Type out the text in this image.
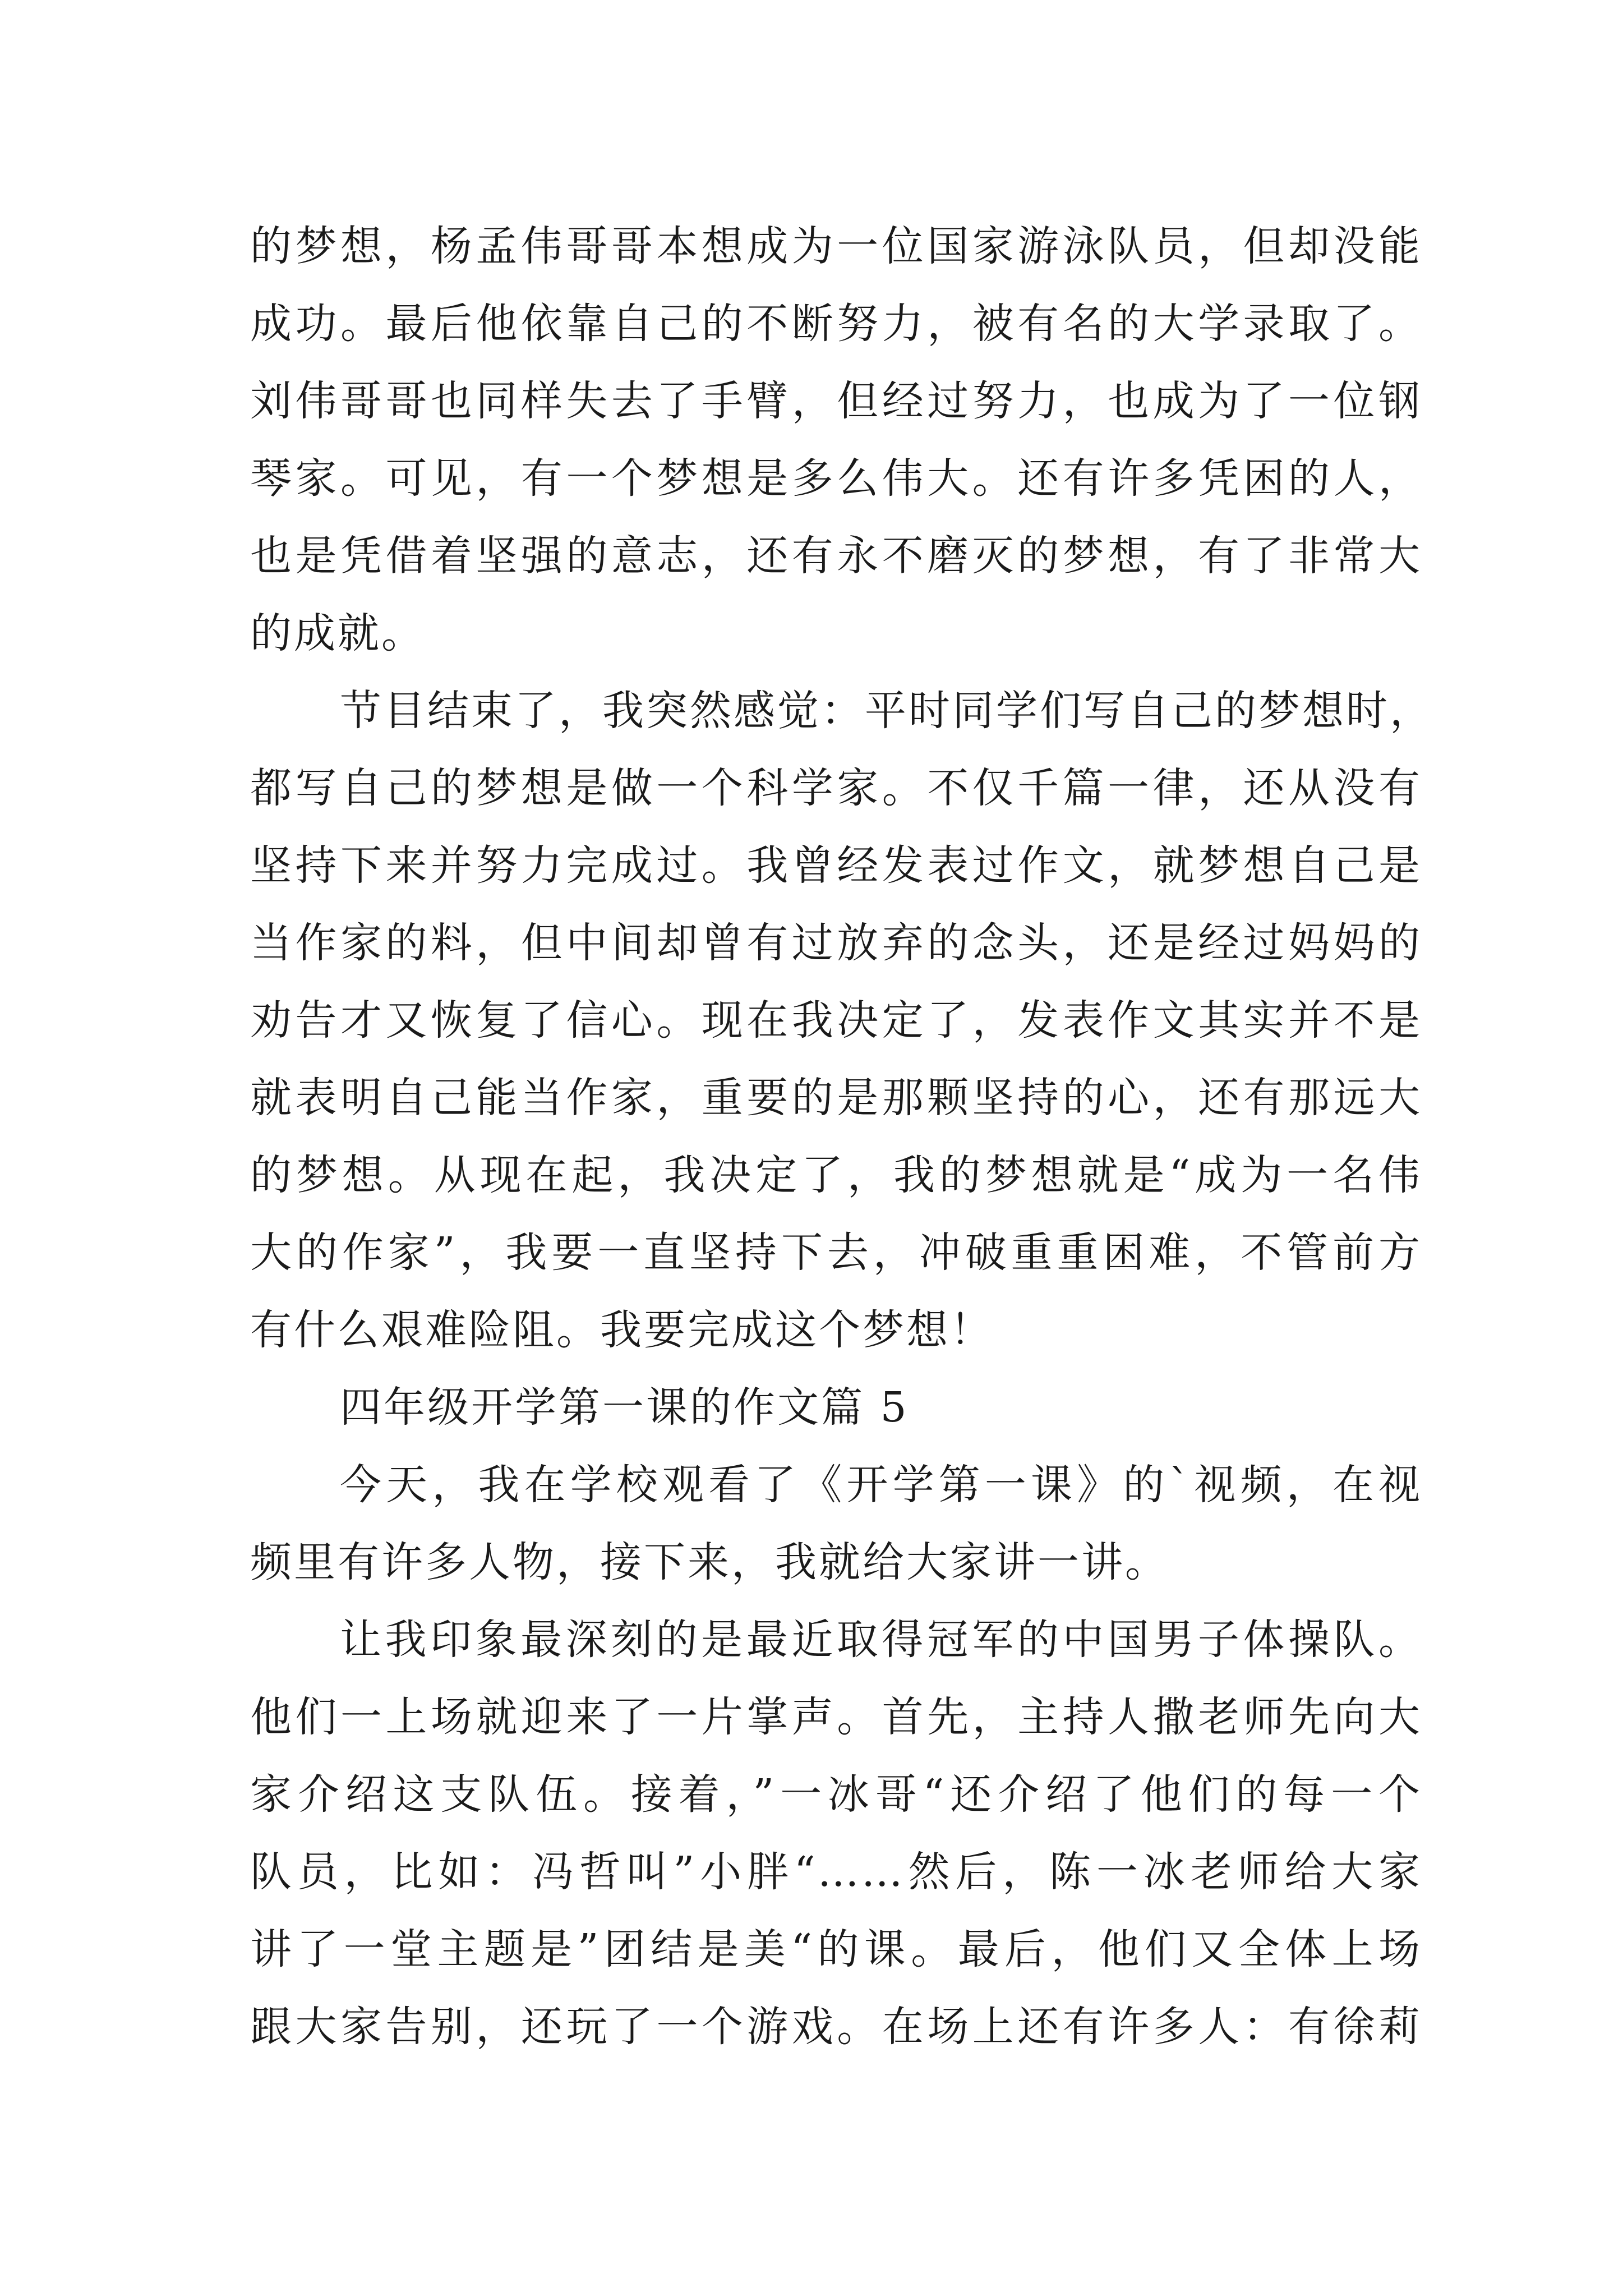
的梦想，杨孟伟哥哥本想成为一位国家游泳队员，但却没能
成功。最后他依靠自己的不断努力，被有名的大学录取了。
刘伟哥哥也同样失去了手臂，但经过努力，也成为了一位钢
琴家。可见，有一个梦想是多么伟大。还有许多凭困的人，
也是凭借着坚强的意志，还有永不磨灭的梦想，有了非常大
的成就。
节目结束了，我突然感觉：平时同学们写自己的梦想时，
都写自己的梦想是做一个科学家。不仅千篇一律，还从没有
坚持下来并努力完成过。我曾经发表过作文，就梦想自己是
当作家的料，但中间却曾有过放弃的念头，还是经过妈妈的
劝告才又恢复了信心。现在我决定了，发表作文其实并不是
就表明自己能当作家，重要的是那颗坚持的心，还有那远大
的梦想。从现在起，我决定了，我的梦想就是“成为一名伟
大的作家”，我要一直坚持下去，冲破重重困难，不管前方
有什么艰难险阻。我要完成这个梦想！
四年级开学第一课的作文篇 5
今天，我在学校观看了《开学第一课》的`视频，在视
频里有许多人物，接下来，我就给大家讲一讲。
让我印象最深刻的是最近取得冠军的中国男子体操队。
他们一上场就迎来了一片掌声。首先，主持人撒老师先向大
家介绍这支队伍。接着，”一冰哥“还介绍了他们的每一个
队员，比如：冯哲叫”小胖“……然后，陈一冰老师给大家
讲了一堂主题是”团结是美“的课。最后，他们又全体上场
跟大家告别，还玩了一个游戏。在场上还有许多人：有徐莉
